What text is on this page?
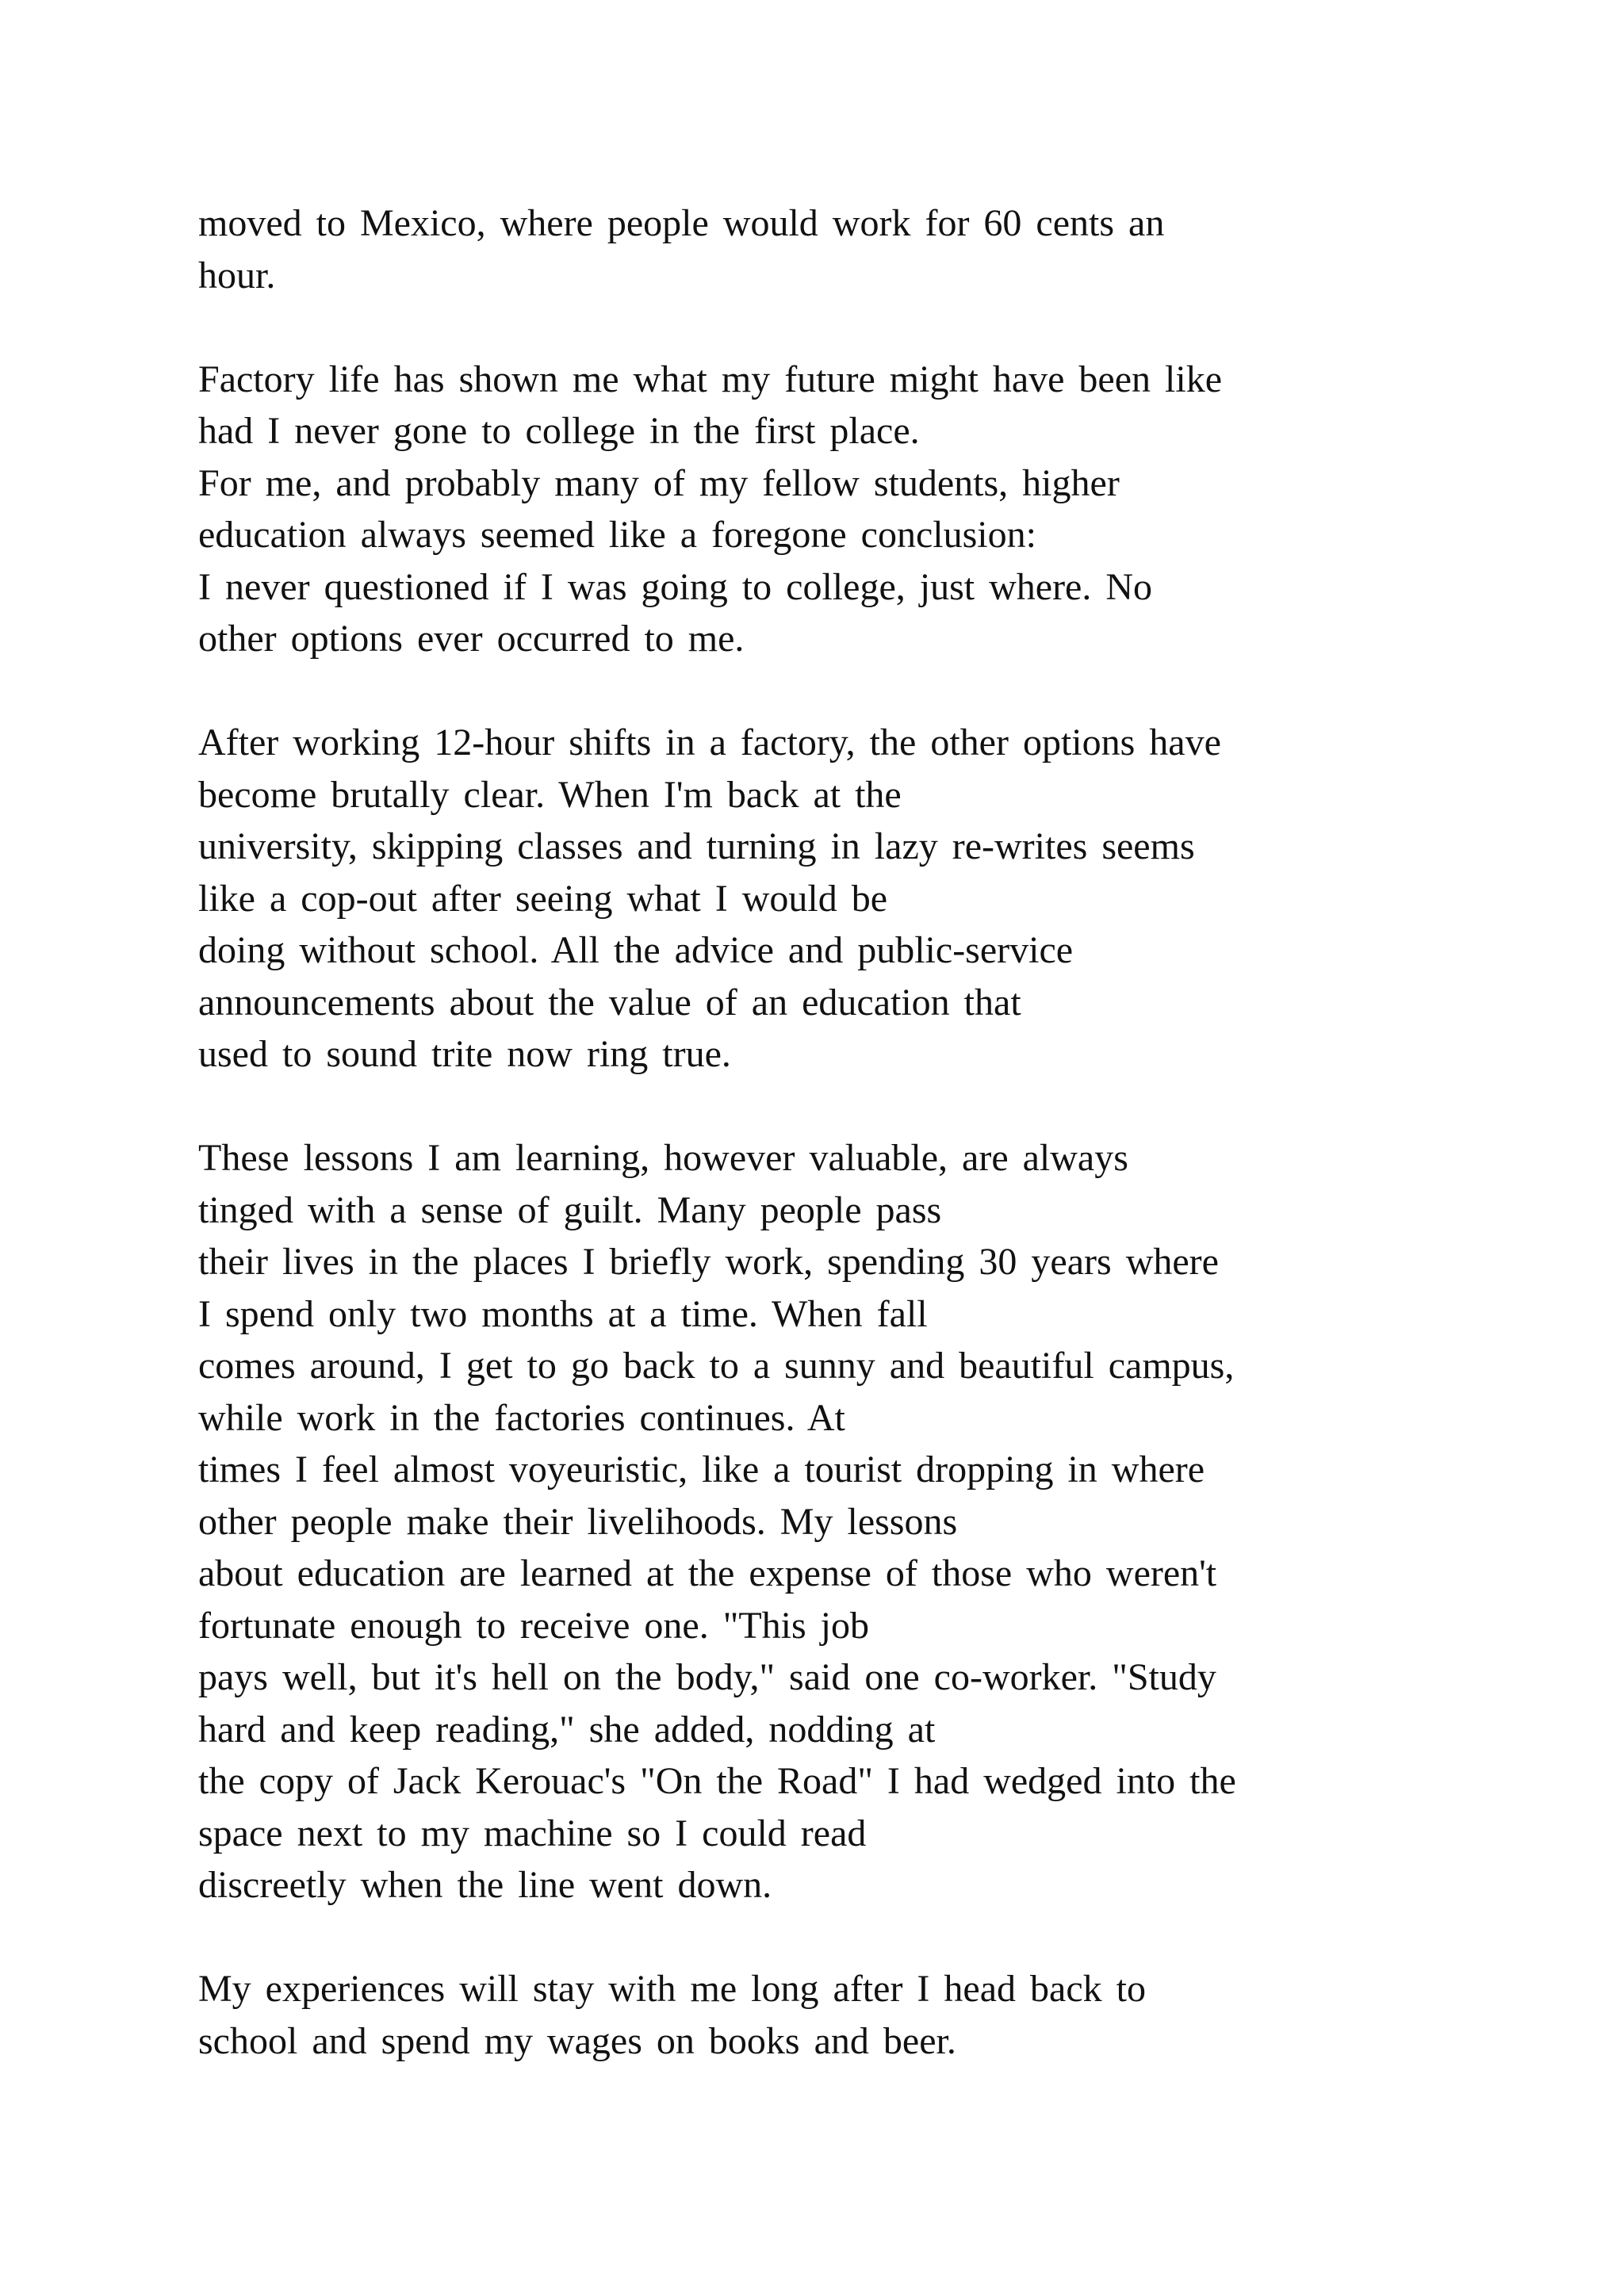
moved to Mexico, where people would work for 60 cents an
hour.
Factory life has shown me what my future might have been like
had I never gone to college in the first place.
For me, and probably many of my fellow students, higher
education always seemed like a foregone conclusion:
I never questioned if I was going to college, just where. No
other options ever occurred to me.
After working 12-hour shifts in a factory, the other options have
become brutally clear. When I'm back at the
university, skipping classes and turning in lazy re-writes seems
like a cop-out after seeing what I would be
doing without school. All the advice and public-service
announcements about the value of an education that
used to sound trite now ring true.
These lessons I am learning, however valuable, are always
tinged with a sense of guilt. Many people pass
their lives in the places I briefly work, spending 30 years where
I spend only two months at a time. When fall
comes around, I get to go back to a sunny and beautiful campus,
while work in the factories continues. At
times I feel almost voyeuristic, like a tourist dropping in where
other people make their livelihoods. My lessons
about education are learned at the expense of those who weren't
fortunate enough to receive one. "This job
pays well, but it's hell on the body," said one co-worker. "Study
hard and keep reading," she added, nodding at
the copy of Jack Kerouac's "On the Road" I had wedged into the
space next to my machine so I could read
discreetly when the line went down.
My experiences will stay with me long after I head back to
school and spend my wages on books and beer.
